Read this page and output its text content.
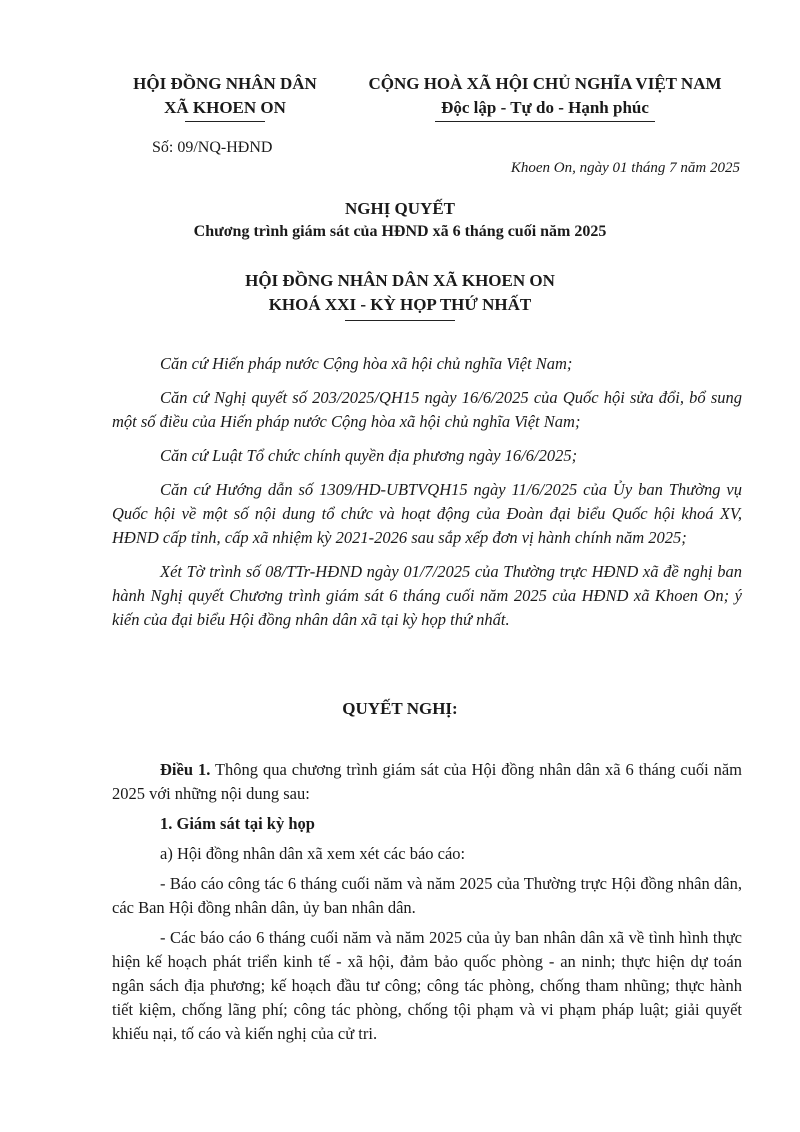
HỘI ĐỒNG NHÂN DÂN
XÃ KHOEN ON
CỘNG HOÀ XÃ HỘI CHỦ NGHĨA VIỆT NAM
Độc lập - Tự do - Hạnh phúc
Số: 09/NQ-HĐND
Khoen On, ngày 01 tháng 7 năm 2025
NGHỊ QUYẾT
Chương trình giám sát của HĐND xã 6 tháng cuối năm 2025
HỘI ĐỒNG NHÂN DÂN XÃ KHOEN ON
KHOÁ XXI - KỲ HỌP THỨ NHẤT

Căn cứ Hiến pháp nước Cộng hòa xã hội chủ nghĩa Việt Nam;

Căn cứ Nghị quyết số 203/2025/QH15 ngày 16/6/2025 của Quốc hội sửa đổi, bổ sung một số điều của Hiến pháp nước Cộng hòa xã hội chủ nghĩa Việt Nam;

Căn cứ Luật Tổ chức chính quyền địa phương ngày 16/6/2025;

Căn cứ Hướng dẫn số 1309/HD-UBTVQH15 ngày 11/6/2025 của Ủy ban Thường vụ Quốc hội về một số nội dung tổ chức và hoạt động của Đoàn đại biểu Quốc hội khoá XV, HĐND cấp tỉnh, cấp xã nhiệm kỳ 2021-2026 sau sắp xếp đơn vị hành chính năm 2025;

Xét Tờ trình số 08/TTr-HĐND ngày 01/7/2025 của Thường trực HĐND xã đề nghị ban hành Nghị quyết Chương trình giám sát 6 tháng cuối năm 2025 của HĐND xã Khoen On; ý kiến của đại biểu Hội đồng nhân dân xã tại kỳ họp thứ nhất.

QUYẾT NGHỊ:

Điều 1. Thông qua chương trình giám sát của Hội đồng nhân dân xã 6 tháng cuối năm 2025 với những nội dung sau:

1. Giám sát tại kỳ họp

a) Hội đồng nhân dân xã xem xét các báo cáo:

- Báo cáo công tác 6 tháng cuối năm và năm 2025 của Thường trực Hội đồng nhân dân, các Ban Hội đồng nhân dân, ủy ban nhân dân.

- Các báo cáo 6 tháng cuối năm và năm 2025 của ủy ban nhân dân xã về tình hình thực hiện kế hoạch phát triển kinh tế - xã hội, đảm bảo quốc phòng - an ninh; thực hiện dự toán ngân sách địa phương; kế hoạch đầu tư công; công tác phòng, chống tham nhũng; thực hành tiết kiệm, chống lãng phí; công tác phòng, chống tội phạm và vi phạm pháp luật; giải quyết khiếu nại, tố cáo và kiến nghị của cử tri.
